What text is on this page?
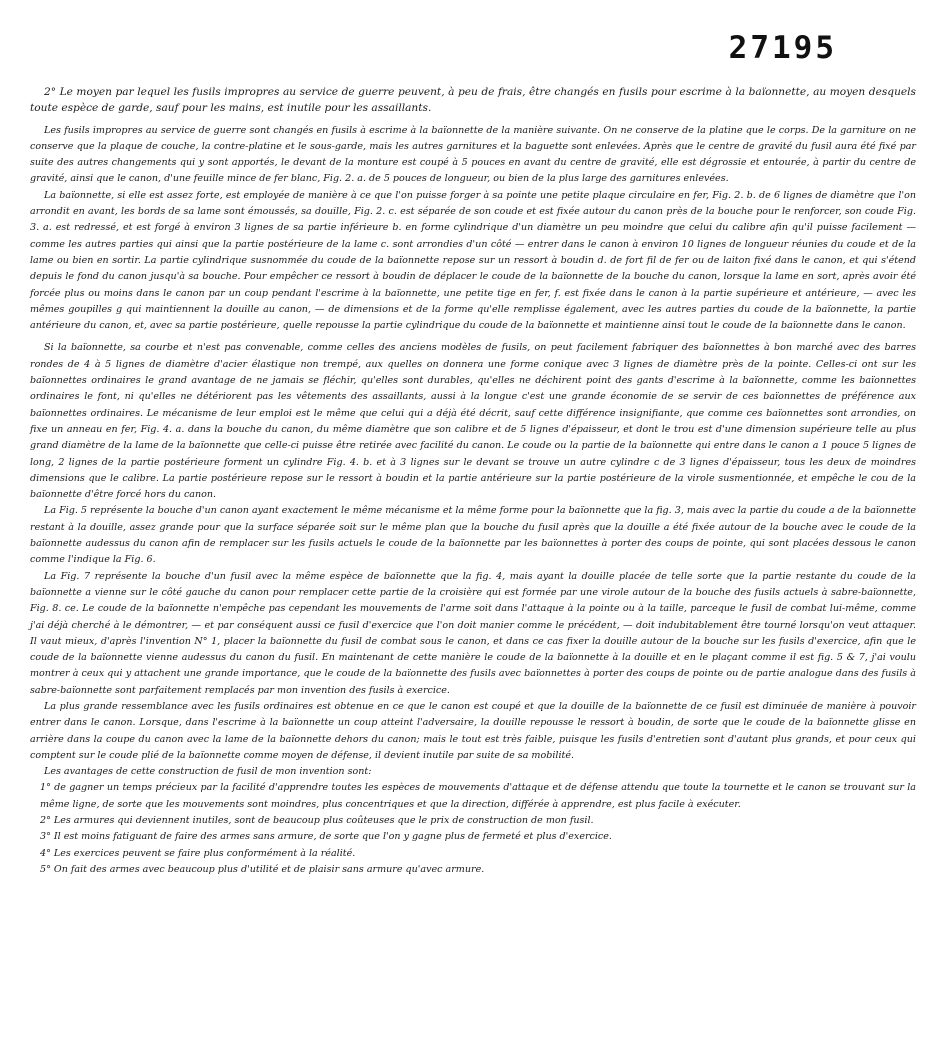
27195

2° Le moyen par lequel les fusils impropres au service de guerre peuvent, à peu de frais, être changés en fusils pour escrime à la baïonnette, au moyen desquels toute espèce de garde, sauf pour les mains, est inutile pour les assaillants.

Les fusils impropres au service de guerre sont changés en fusils à escrime à la baïonnette de la manière suivante. On ne conserve de la platine que le corps. De la garniture on ne conserve que la plaque de couche, la contre-platine et le sous-garde, mais les autres garnitures et la baguette sont enlevées. Après que le centre de gravité du fusil aura été fixé par suite des autres changements qui y sont apportés, le devant de la monture est coupé à 5 pouces en avant du centre de gravité, elle est dégrossie et entourée, à partir du centre de gravité, ainsi que le canon, d'une feuille mince de fer blanc, Fig. 2. a. de 5 pouces de longueur, ou bien de la plus large des garnitures enlevées.

La baïonnette, si elle est assez forte, est employée de manière à ce que l'on puisse forger à sa pointe une petite plaque circulaire en fer, Fig. 2. b. de 6 lignes de diamètre que l'on arrondit en avant, les bords de sa lame sont émoussés, sa douille, Fig. 2. c. est séparée de son coude et est fixée autour du canon près de la bouche pour le renforcer, son coude Fig. 3. a. est redressé, et est forgé à environ 3 lignes de sa partie inférieure b. en forme cylindrique d'un diamètre un peu moindre que celui du calibre afin qu'il puisse facilement — comme les autres parties qui ainsi que la partie postérieure de la lame c. sont arrondies d'un côté — entrer dans le canon à environ 10 lignes de longueur réunies du coude et de la lame ou bien en sortir. La partie cylindrique susnommée du coude de la baïonnette repose sur un ressort à boudin d. de fort fil de fer ou de laiton fixé dans le canon, et qui s'étend depuis le fond du canon jusqu'à sa bouche. Pour empêcher ce ressort à boudin de déplacer le coude de la baïonnette de la bouche du canon, lorsque la lame en sort, après avoir été forcée plus ou moins dans le canon par un coup pendant l'escrime à la baïonnette, une petite tige en fer, f. est fixée dans le canon à la partie supérieure et antérieure, — avec les mêmes goupilles g qui maintiennent la douille au canon, — de dimensions et de la forme qu'elle remplisse également, avec les autres parties du coude de la baïonnette, la partie antérieure du canon, et, avec sa partie postérieure, quelle repousse la partie cylindrique du coude de la baïonnette et maintienne ainsi tout le coude de la baïonnette dans le canon.

Si la baïonnette, sa courbe et n'est pas convenable, comme celles des anciens modèles de fusils, on peut facilement fabriquer des baïonnettes à bon marché avec des barres rondes de 4 à 5 lignes de diamètre d'acier élastique non trempé, aux quelles on donnera une forme conique avec 3 lignes de diamètre près de la pointe. Celles-ci ont sur les baïonnettes ordinaires le grand avantage de ne jamais se fléchir, qu'elles sont durables, qu'elles ne déchirent point des gants d'escrime à la baïonnette, comme les baïonnettes ordinaires le font, ni qu'elles ne détériorent pas les vêtements des assaillants, aussi à la longue c'est une grande économie de se servir de ces baïonnettes de préférence aux baïonnettes ordinaires. Le mécanisme de leur emploi est le même que celui qui a déjà été décrit, sauf cette différence insignifiante, que comme ces baïonnettes sont arrondies, on fixe un anneau en fer, Fig. 4. a. dans la bouche du canon, du même diamètre que son calibre et de 5 lignes d'épaisseur, et dont le trou est d'une dimension supérieure telle au plus grand diamètre de la lame de la baïonnette que celle-ci puisse être retirée avec facilité du canon. Le coude ou la partie de la baïonnette qui entre dans le canon a 1 pouce 5 lignes de long, 2 lignes de la partie postérieure forment un cylindre Fig. 4. b. et à 3 lignes sur le devant se trouve un autre cylindre c de 3 lignes d'épaisseur, tous les deux de moindres dimensions que le calibre. La partie postérieure repose sur le ressort à boudin et la partie antérieure sur la partie postérieure de la virole susmentionnée, et empêche le cou de la baïonnette d'être forcé hors du canon.

La Fig. 5 représente la bouche d'un canon ayant exactement le même mécanisme et la même forme pour la baïonnette que la fig. 3, mais avec la partie du coude a de la baïonnette restant à la douille, assez grande pour que la surface séparée soit sur le même plan que la bouche du fusil après que la douille a été fixée autour de la bouche avec le coude de la baïonnette audessus du canon afin de remplacer sur les fusils actuels le coude de la baïonnette par les baïonnettes à porter des coups de pointe, qui sont placées dessous le canon comme l'indique la Fig. 6.

La Fig. 7 représente la bouche d'un fusil avec la même espèce de baïonnette que la fig. 4, mais ayant la douille placée de telle sorte que la partie restante du coude de la baïonnette a vienne sur le côté gauche du canon pour remplacer cette partie de la croisière qui est formée par une virole autour de la bouche des fusils actuels à sabre-baïonnette, Fig. 8. ce. Le coude de la baïonnette n'empêche pas cependant les mouvements de l'arme soit dans l'attaque à la pointe ou à la taille, parceque le fusil de combat lui-même, comme j'ai déjà cherché à le démontrer, — et par conséquent aussi ce fusil d'exercice que l'on doit manier comme le précédent, — doit indubitablement être tourné lorsqu'on veut attaquer. Il vaut mieux, d'après l'invention N° 1, placer la baïonnette du fusil de combat sous le canon, et dans ce cas fixer la douille autour de la bouche sur les fusils d'exercice, afin que le coude de la baïonnette vienne audessus du canon du fusil. En maintenant de cette manière le coude de la baïonnette à la douille et en le plaçant comme il est fig. 5 & 7, j'ai voulu montrer à ceux qui y attachent une grande importance, que le coude de la baïonnette des fusils avec baïonnettes à porter des coups de pointe ou de partie analogue dans des fusils à sabre-baïonnette sont parfaitement remplacés par mon invention des fusils à exercice.

La plus grande ressemblance avec les fusils ordinaires est obtenue en ce que le canon est coupé et que la douille de la baïonnette de ce fusil est diminuée de manière à pouvoir entrer dans le canon. Lorsque, dans l'escrime à la baïonnette un coup atteint l'adversaire, la douille repousse le ressort à boudin, de sorte que le coude de la baïonnette glisse en arrière dans la coupe du canon avec la lame de la baïonnette dehors du canon; mais le tout est très faible, puisque les fusils d'entretien sont d'autant plus grands, et pour ceux qui comptent sur le coude plié de la baïonnette comme moyen de défense, il devient inutile par suite de sa mobilité.

Les avantages de cette construction de fusil de mon invention sont:

1° de gagner un temps précieux par la facilité d'apprendre toutes les espèces de mouvements d'attaque et de défense attendu que toute la tournette et le canon se trouvant sur la même ligne, de sorte que les mouvements sont moindres, plus concentriques et que la direction, différée à apprendre, est plus facile à exécuter.

2° Les armures qui deviennent inutiles, sont de beaucoup plus coûteuses que le prix de construction de mon fusil.

3° Il est moins fatiguant de faire des armes sans armure, de sorte que l'on y gagne plus de fermeté et plus d'exercice.

4° Les exercices peuvent se faire plus conformément à la réalité.

5° On fait des armes avec beaucoup plus d'utilité et de plaisir sans armure qu'avec armure.
